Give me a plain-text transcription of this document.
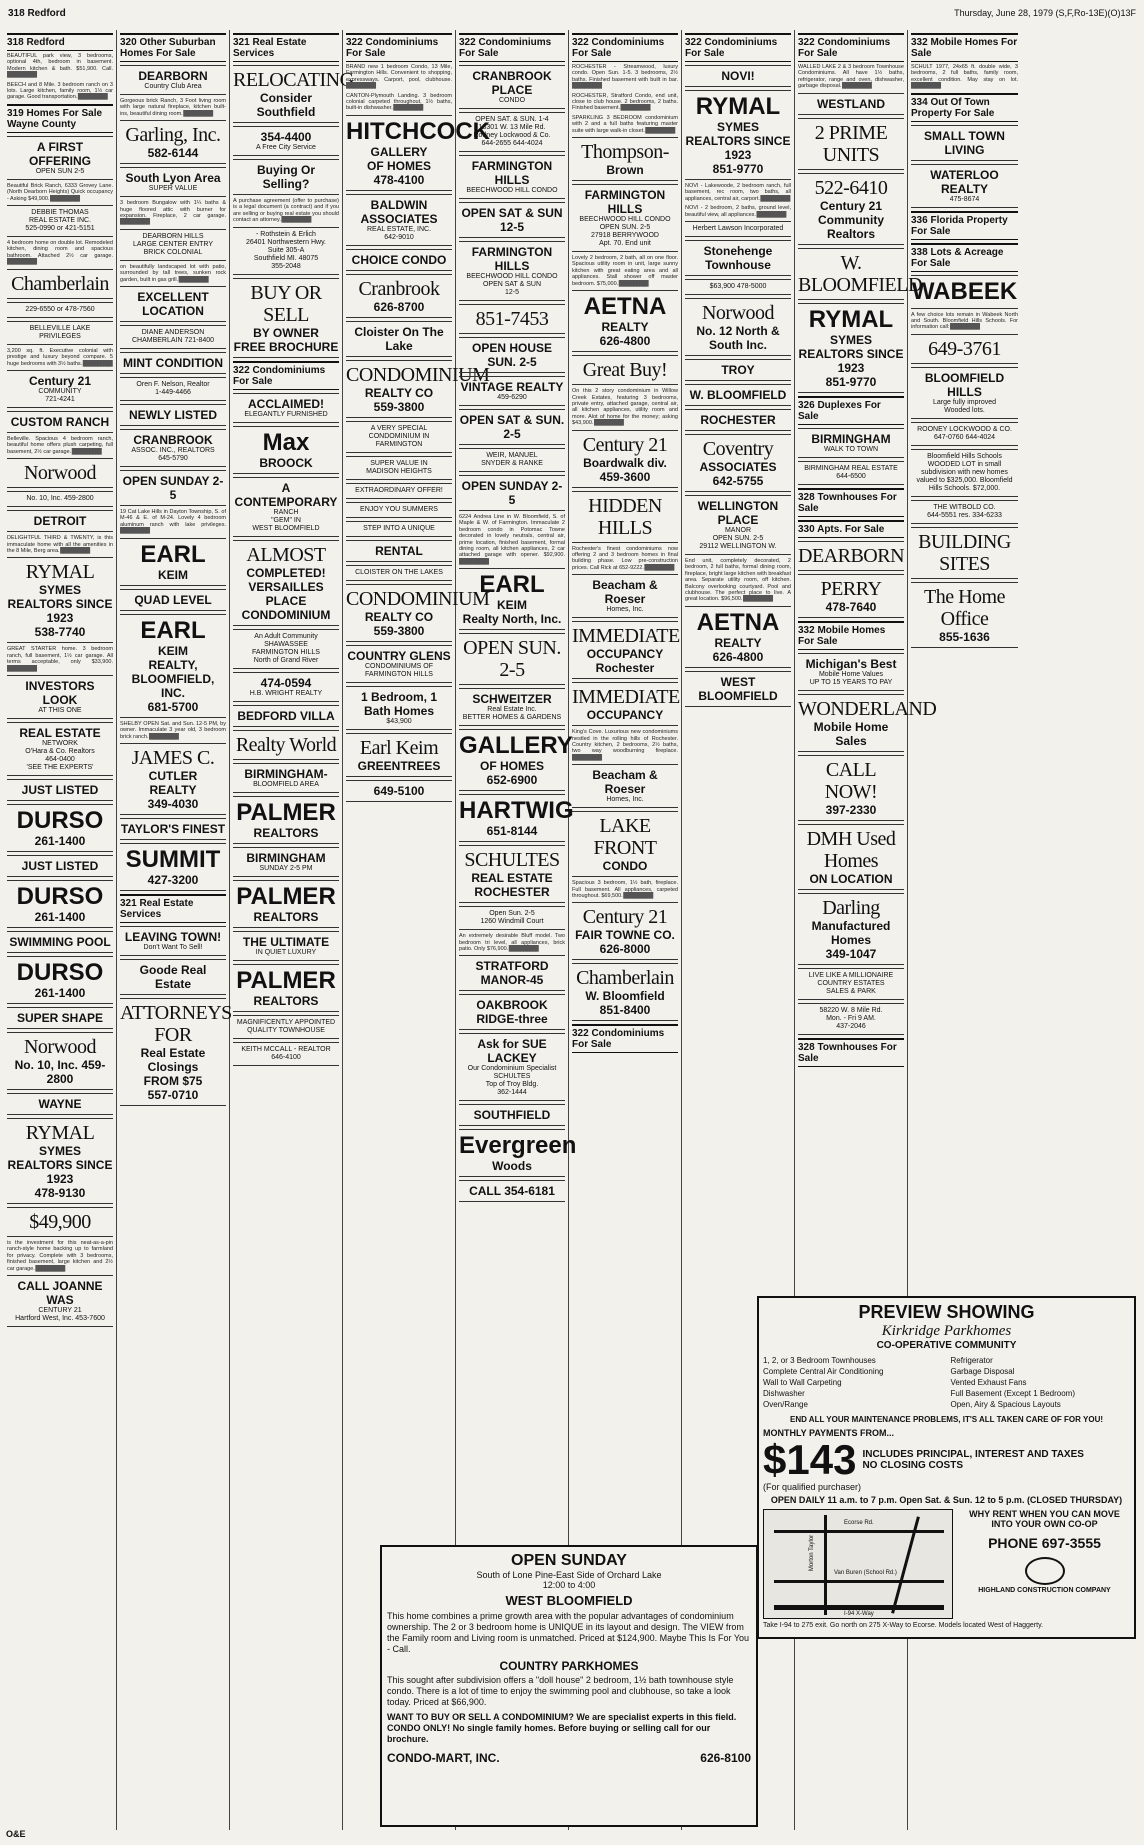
318 Redford	Thursday, June 28, 1979 (S,F,Ro-13E)(O)13F
318 Redford
BEAUTIFUL park view, 3 bedrooms, optional 4th, bedroom in basement. Modern kitchen & bath. $51,900. Call. ██████████
BEECH and 8 Mile. 3 bedroom ranch on 3 lots. Large kitchen, family room, 1½ car garage. Good transportation. ██████████
319 Homes For Sale Wayne County
A FIRST OFFERING
OPEN SUN 2-5
Beautiful Brick Ranch, 6333 Grovey Lane. (North Dearborn Heights) Quick occupancy - Asking $49,900. ██████████
DEBBIE THOMAS
REAL ESTATE INC.
525-0990 or 421-5151
4 bedroom home on double lot. Remodeled kitchen, dining room and spacious bathroom. Attached 2½ car garage. ██████████
Chamberlain
229-6550 or 478-7560
BELLEVILLE LAKE
PRIVILEGES
3,200 sq. ft. Executive colonial with prestige and luxury beyond compare. 5 huge bedrooms with 3½ baths. ██████████
Century 21
COMMUNITY
721-4241
CUSTOM RANCH
Belleville. Spacious 4 bedroom ranch, beautiful home offers plush carpeting, full basement, 2½ car garage. ██████████
Norwood
No. 10, Inc. 459-2800
DETROIT
DELIGHTFUL THIRD & TWENTY, is this immaculate home with all the amenities in the 8 Mile, Berg area. ██████████
RYMAL
SYMES
REALTORS SINCE 1923
538-7740
GREAT STARTER home. 3 bedroom ranch, full basement, 1½ car garage. All terms acceptable, only $33,900. ██████████
INVESTORS LOOK
AT THIS ONE
REAL ESTATE
NETWORK
O'Hara & Co. Realtors
464-0400
'SEE THE EXPERTS'
JUST LISTED
DURSO
261-1400
JUST LISTED
DURSO
261-1400
SWIMMING POOL
DURSO
261-1400
SUPER SHAPE
Norwood
No. 10, Inc. 459-2800
WAYNE
RYMAL
SYMES
REALTORS SINCE 1923
478-9130
$49,900
is the investment for this neat-as-a-pin ranch-style home backing up to farmland for privacy. Complete with 3 bedrooms, finished basement, large kitchen and 2½ car garage. ██████████
CALL JOANNE WAS
CENTURY 21
Hartford West, Inc. 453-7600
320 Other Suburban Homes For Sale
DEARBORN
Country Club Area
Gorgeous brick Ranch, 3 Foot living room with large natural fireplace, kitchen built-ins, beautiful dining room. ██████████
Garling, Inc.
582-6144
South Lyon Area
SUPER VALUE
3 bedroom Bungalow with 1¼ baths & huge floored attic with burner for expansion. Fireplace, 2 car garage. ██████████
DEARBORN HILLS
LARGE CENTER ENTRY
BRICK COLONIAL
on beautifully landscaped lot with patio, surrounded by tall trees, sunken rock garden, built in gas grill. ██████████
EXCELLENT LOCATION
DIANE ANDERSON
CHAMBERLAIN 721-8400
MINT CONDITION
Oren F. Nelson, Realtor
1-449-4466
NEWLY LISTED
CRANBROOK
ASSOC. INC., REALTORS
645-5790
OPEN SUNDAY 2-5
19 Cat Lake Hills in Dayton Township, S. of M-46 & E. of M-24. Lovely 4 bedroom aluminum ranch with lake privileges. ██████████
EARL
KEIM
QUAD LEVEL
EARL
KEIM
REALTY, BLOOMFIELD, INC.
681-5700
SHELBY OPEN Sat. and Sun. 12-5 PM, by owner. Immaculate 3 year old, 3 bedroom brick ranch. ██████████
JAMES C.
CUTLER
REALTY
349-4030
TAYLOR'S FINEST
SUMMIT
427-3200
321 Real Estate Services
LEAVING TOWN!
Don't Want To Sell!
Goode Real Estate
ATTORNEYS FOR
Real Estate
Closings
FROM $75
557-0710
321 Real Estate Services
RELOCATING
Consider Southfield
354-4400
A Free City Service
Buying Or Selling?
A purchase agreement (offer to purchase) is a legal document (a contract) and if you are selling or buying real estate you should contact an attorney. ██████████
- Rothstein & Erlich
26401 Northwestern Hwy.
Suite 305-A
Southfield MI. 48075
355-2048
BUY OR SELL
BY OWNER
FREE BROCHURE
322 Condominiums For Sale
ACCLAIMED!
ELEGANTLY FURNISHED
Max
BROOCK
A CONTEMPORARY
RANCH
"GEM" IN
WEST BLOOMFIELD
ALMOST
COMPLETED!
VERSAILLES PLACE
CONDOMINIUM
An Adult Community
SHAWASSEE
FARMINGTON HILLS
North of Grand River
474-0594
H.B. WRIGHT REALTY
BEDFORD VILLA
Realty World
BIRMINGHAM-
BLOOMFIELD AREA
PALMER
REALTORS
BIRMINGHAM
SUNDAY 2-5 PM
PALMER
REALTORS
THE ULTIMATE
IN QUIET LUXURY
PALMER
REALTORS
MAGNIFICENTLY APPOINTED
QUALITY TOWNHOUSE
KEITH MCCALL - REALTOR
646-4100
322 Condominiums For Sale
BRAND new 1 bedroom Condo, 13 Mile, Farmington Hills. Convenient to shopping, expressways. Carport, pool, clubhouse. ██████████
CANTON-Plymouth Landing. 3 bedroom colonial carpeted throughout, 1½ baths, built-in dishwasher. ██████████
HITCHCOCK
GALLERY
OF HOMES
478-4100
BALDWIN ASSOCIATES
REAL ESTATE, INC.
642-9010
CHOICE CONDO
Cranbrook
626-8700
Cloister On The Lake
CONDOMINIUM
REALTY CO
559-3800
A VERY SPECIAL
CONDOMINIUM IN FARMINGTON
SUPER VALUE IN
MADISON HEIGHTS
EXTRAORDINARY OFFER!
ENJOY YOU SUMMERS
STEP INTO A UNIQUE
RENTAL
CLOISTER ON THE LAKES
CONDOMINIUM
REALTY CO
559-3800
COUNTRY GLENS
CONDOMINIUMS OF
FARMINGTON HILLS
1 Bedroom, 1 Bath Homes
$43,900
Earl Keim
GREENTREES
649-5100
322 Condominiums For Sale
CRANBROOK PLACE
CONDO
OPEN SAT. & SUN. 1-4
18301 W. 13 Mile Rd.
Rodney Lockwood & Co.
644-2655 644-4024
FARMINGTON HILLS
BEECHWOOD HILL CONDO
OPEN SAT & SUN 12-5
FARMINGTON HILLS
BEECHWOOD HILL CONDO
OPEN SAT & SUN
12-5
851-7453
OPEN HOUSE SUN. 2-5
VINTAGE REALTY
459-6290
OPEN SAT & SUN. 2-5
WEIR, MANUEL
SNYDER & RANKE
OPEN SUNDAY 2-5
6224 Andrea Line in W. Bloomfield, S. of Maple & W. of Farmington. Immaculate 2 bedroom condo in Potomac Towne decorated in lovely neutrals, central air, prime location, finished basement, formal dining room, all kitchen appliances, 2 car attached garage with opener. $92,900. ██████████
EARL
KEIM
Realty North, Inc.
OPEN SUN. 2-5
SCHWEITZER
Real Estate Inc.
BETTER HOMES & GARDENS
GALLERY
OF HOMES
652-6900
HARTWIG
651-8144
SCHULTES
REAL ESTATE
ROCHESTER
Open Sun. 2-5
1260 Windmill Court
An extremely desirable Bluff model. Two bedroom tri level, all appliances, brick patio. Only $76,900. ██████████
STRATFORD MANOR-45
OAKBROOK RIDGE-three
Ask for SUE LACKEY
Our Condominium Specialist
SCHULTES
Top of Troy Bldg.
362-1444
SOUTHFIELD
Evergreen
Woods
CALL 354-6181
322 Condominiums For Sale
ROCHESTER - Streamwood, luxury condo. Open Sun. 1-5. 3 bedrooms, 2½ baths. Finished basement with built in bar. ██████████
ROCHESTER, Stratford Condo, end unit, close to club house. 2 bedrooms, 2 baths. Finished basement. ██████████
SPARKLING 3 BEDROOM condominium with 2 and a full baths featuring master suite with large walk-in closet. ██████████
Thompson-
Brown
FARMINGTON HILLS
BEECHWOOD HILL CONDO
OPEN SUN. 2-5
27918 BERRYWOOD
Apt. 70. End unit
Lovely 2 bedroom, 2 bath, all on one floor. Spacious utility room in unit, large sunny kitchen with great eating area and all appliances. Stall shower off master bedroom. $75,000. ██████████
AETNA
REALTY
626-4800
Great Buy!
On this 2 story condominium in Willow Creek Estates, featuring 3 bedrooms, private entry, attached garage, central air, all kitchen appliances, utility room and more. Alot of home for the money; asking $43,900. ██████████
Century 21
Boardwalk div. 459-3600
HIDDEN HILLS
Rochester's finest condominiums now offering 2 and 3 bedroom homes in final building phase. Low pre-construction prices. Call Rick at 652-9222. ██████████
Beacham & Roeser
Homes, Inc.
IMMEDIATE
OCCUPANCY
Rochester
IMMEDIATE
OCCUPANCY
King's Cove. Luxurious new condominiums nestled in the rolling hills of Rochester. Country kitchen, 2 bedrooms, 2½ baths, two way woodburning fireplace. ██████████
Beacham & Roeser
Homes, Inc.
LAKE FRONT
CONDO
Spacious 3 bedroom, 1½ bath, fireplace. Full basement. All appliances, carpeted throughout. $69,500. ██████████
Century 21
FAIR TOWNE CO.
626-8000
Chamberlain
W. Bloomfield
851-8400
322 Condominiums For Sale
322 Condominiums For Sale
NOVI!
RYMAL
SYMES
REALTORS SINCE 1923
851-9770
NOVI - Lakewoode, 2 bedroom ranch, full basement, rec room, two baths, all appliances, central air, carport. ██████████
NOVI - 2 bedroom, 2 baths, ground level, beautiful view, all appliances. ██████████
Herbert Lawson Incorporated
Stonehenge Townhouse
$63,900 478-5000
Norwood
No. 12 North & South Inc.
TROY
W. BLOOMFIELD
ROCHESTER
Coventry
ASSOCIATES
642-5755
WELLINGTON PLACE
MANOR
OPEN SUN. 2-5
29112 WELLINGTON W.
End unit, completely decorated, 2 bedroom, 2 full baths, formal dining room, fireplace, bright large kitchen with breakfast area. Separate utility room, off kitchen. Balcony overlooking courtyard. Pool and clubhouse. The perfect place to live. A great location. $96,500. ██████████
AETNA
REALTY
626-4800
WEST BLOOMFIELD
322 Condominiums For Sale
WALLED LAKE 2 & 3 bedroom Townhouse Condominiums. All have 1½ baths, refrigerator, range and oven, dishwasher, garbage disposal. ██████████
WESTLAND
2 PRIME UNITS
522-6410
Century 21
Community Realtors
W. BLOOMFIELD
RYMAL
SYMES
REALTORS SINCE 1923
851-9770
326 Duplexes For Sale
BIRMINGHAM
WALK TO TOWN
BIRMINGHAM REAL ESTATE
644-6500
328 Townhouses For Sale
330 Apts. For Sale
DEARBORN
PERRY
478-7640
332 Mobile Homes For Sale
Michigan's Best
Mobile Home Values
UP TO 15 YEARS TO PAY
WONDERLAND
Mobile Home
Sales
CALL NOW!
397-2330
DMH Used Homes
ON LOCATION
Darling
Manufactured Homes
349-1047
LIVE LIKE A MILLIONAIRE
COUNTRY ESTATES
SALES & PARK
58220 W. 8 Mile Rd.
Mon. - Fri 9 AM.
437-2046
328 Townhouses For Sale
332 Mobile Homes For Sale
SCHULT 1977, 24x65 ft. double wide, 3 bedrooms, 2 full baths, family room, excellent condition. May stay on lot. ██████████
334 Out Of Town Property For Sale
SMALL TOWN LIVING
WATERLOO REALTY
475-8674
336 Florida Property For Sale
338 Lots & Acreage For Sale
WABEEK
A few choice lots remain in Wabeek North and South. Bloomfield Hills Schools. For information call: ██████████
649-3761
BLOOMFIELD HILLS
Large fully improved
Wooded lots.
ROONEY LOCKWOOD & CO.
647-0760 644-4024
Bloomfield Hills Schools
WOODED LOT in small subdivision with new homes valued to $325,000. Bloomfield Hills Schools. $72,000.
THE WITBOLD CO.
644-5551 res. 334-6233
BUILDING SITES
The Home Office
855-1636
PREVIEW SHOWING
Kirkridge Parkhomes
CO-OPERATIVE COMMUNITY
1, 2, or 3 Bedroom Townhouses
Complete Central Air Conditioning
Wall to Wall Carpeting
Dishwasher
Oven/Range
Refrigerator
Garbage Disposal
Vented Exhaust Fans
Full Basement (Except 1 Bedroom)
Open, Airy & Spacious Layouts
END ALL YOUR MAINTENANCE PROBLEMS, IT'S ALL TAKEN CARE OF FOR YOU!
MONTHLY PAYMENTS FROM...
$143 INCLUDES PRINCIPAL, INTEREST AND TAXES
NO CLOSING COSTS
(For qualified purchaser)
OPEN DAILY 11 a.m. to 7 p.m. Open Sat. & Sun. 12 to 5 p.m. (CLOSED THURSDAY)
Ecorse Rd.
Van Buren (School Rd.)
Morton Taylor
I-94 X-Way
WHY RENT WHEN YOU CAN MOVE INTO YOUR OWN CO-OP
PHONE 697-3555
HIGHLAND CONSTRUCTION COMPANY
Take I-94 to 275 exit. Go north on 275 X-Way to Ecorse. Models located West of Haggerty.
OPEN SUNDAY
South of Lone Pine-East Side of Orchard Lake
12:00 to 4:00
WEST BLOOMFIELD
This home combines a prime growth area with the popular advantages of condominium ownership. The 2 or 3 bedroom home is UNIQUE in its layout and design. The VIEW from the Family room and Living room is unmatched. Priced at $124,900. Maybe This Is For You - Call.
COUNTRY PARKHOMES
This sought after subdivision offers a "doll house" 2 bedroom, 1½ bath townhouse style condo. There is a lot of time to enjoy the swimming pool and clubhouse, so take a look today. Priced at $66,900.
WANT TO BUY OR SELL A CONDOMINIUM? We are specialist experts in this field. CONDO ONLY! No single family homes. Before buying or selling call for our brochure.
CONDO-MART, INC.	626-8100
O&E
